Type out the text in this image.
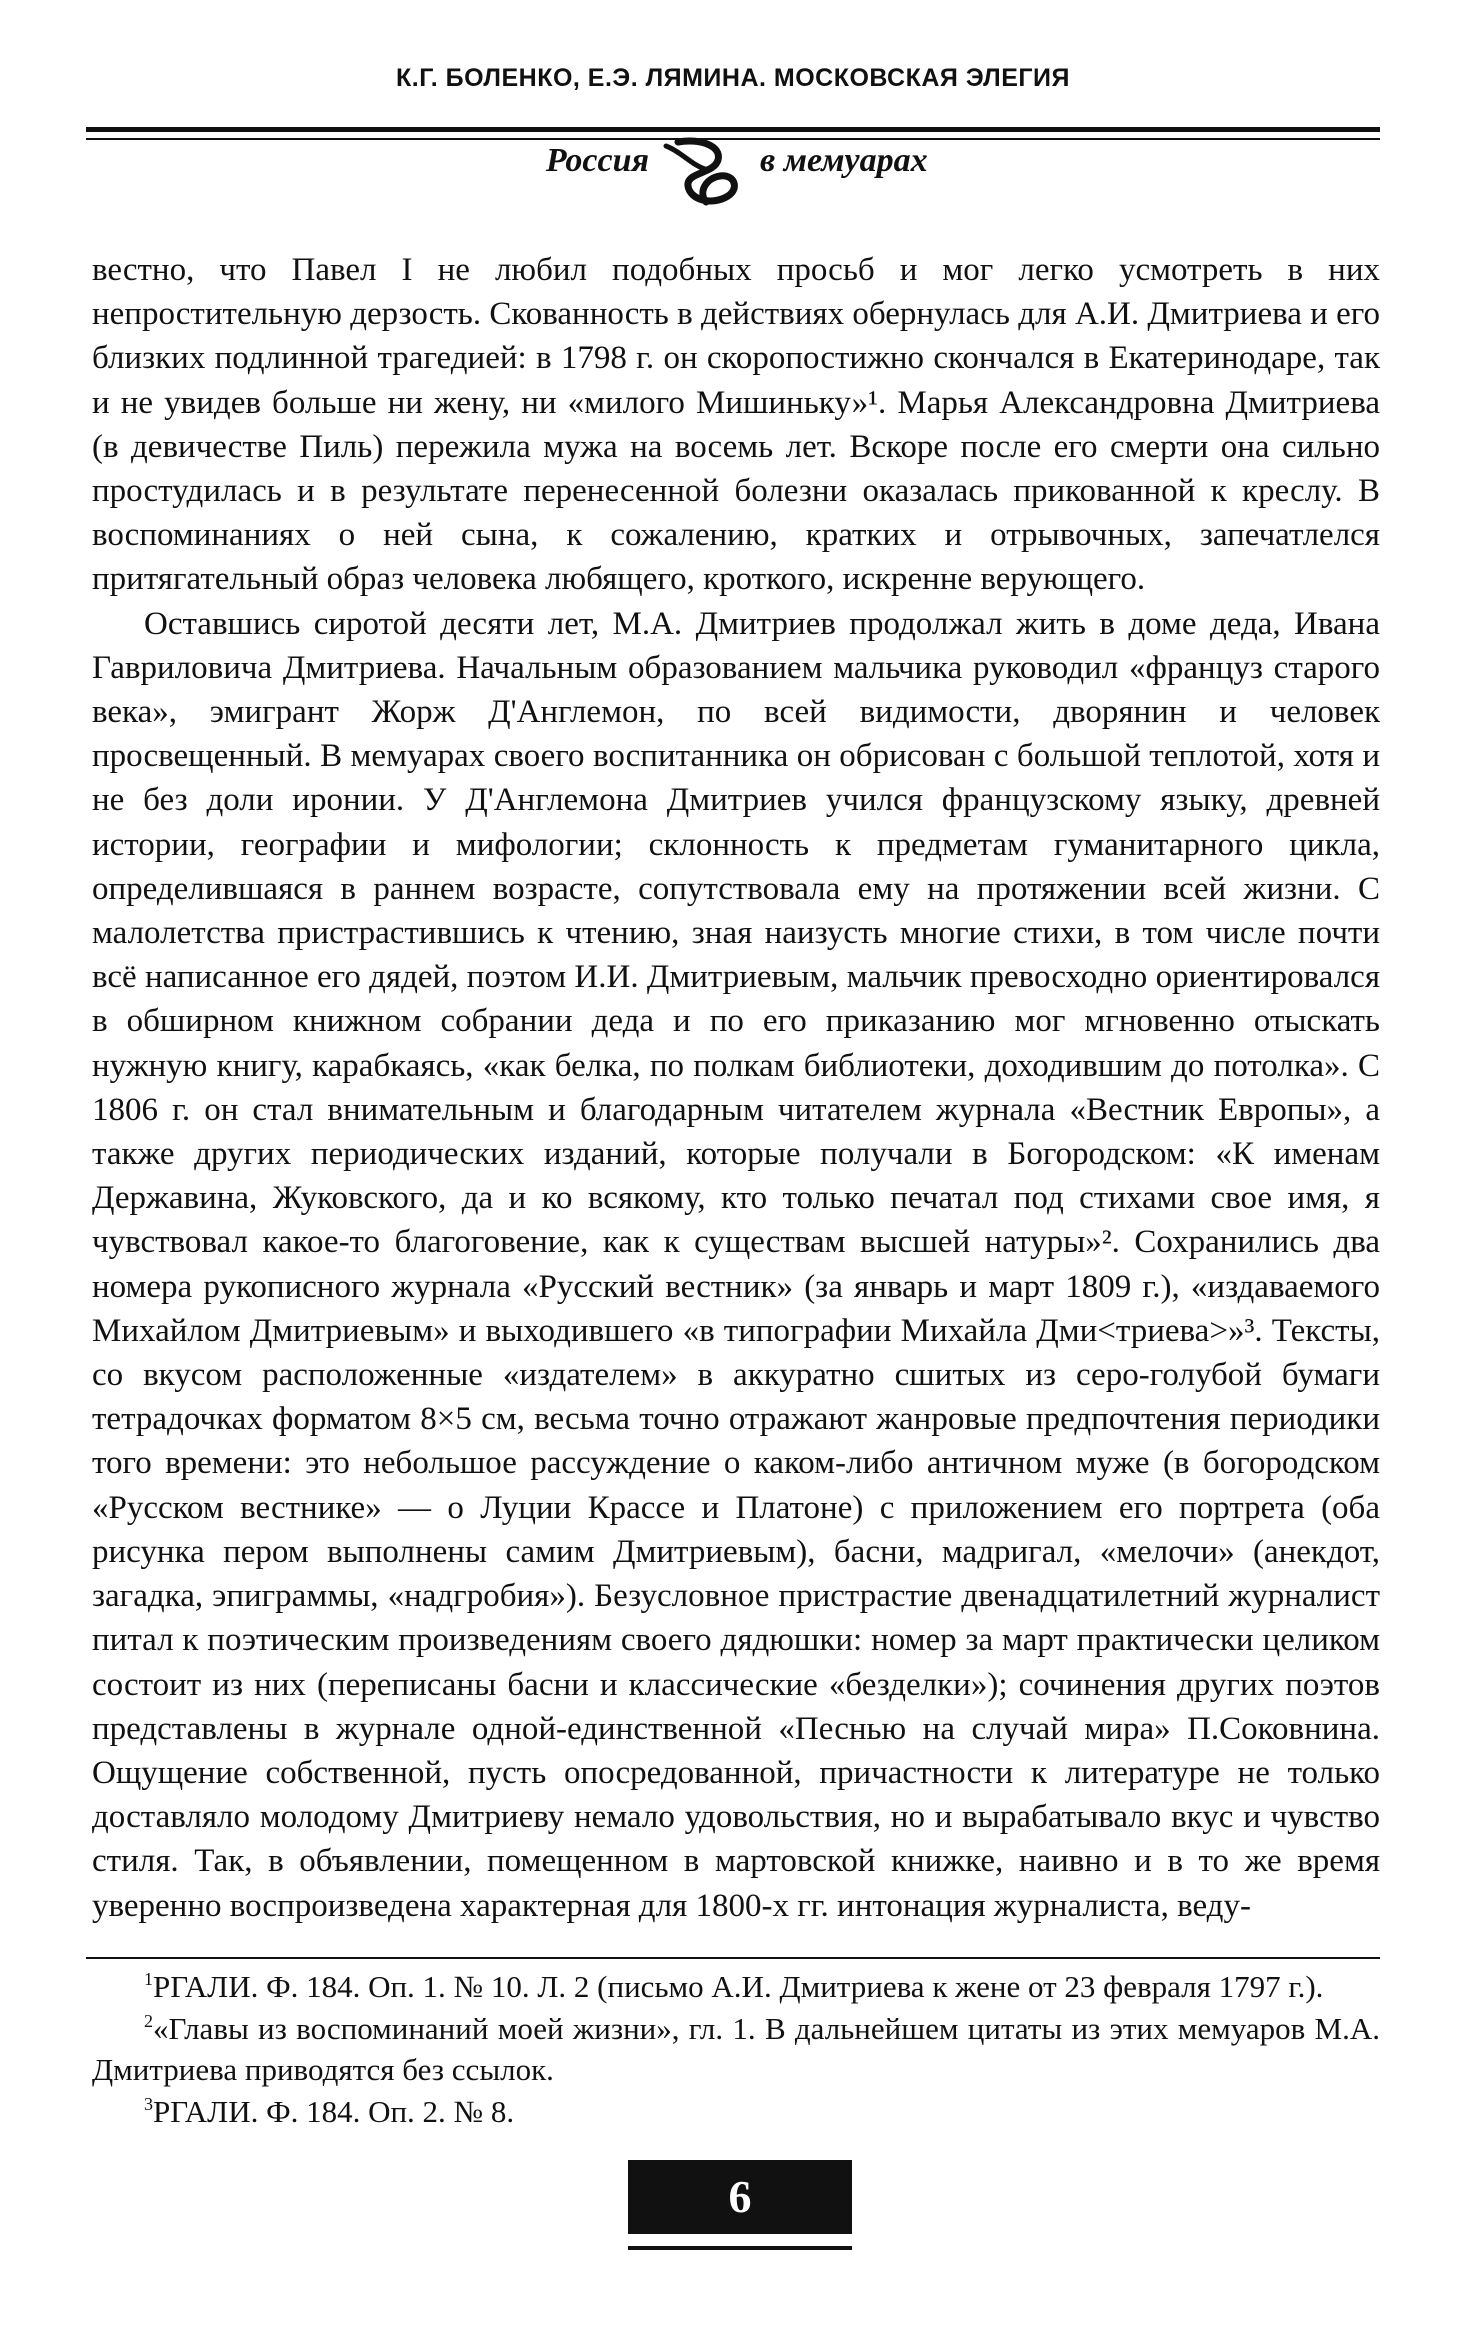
К.Г. БОЛЕНКО, Е.Э. ЛЯМИНА. МОСКОВСКАЯ ЭЛЕГИЯ
Россия	в мемуарах

вестно, что Павел I не любил подобных просьб и мог легко усмотреть в них непростительную дерзость. Скованность в действиях обернулась для А.И. Дмитриева и его близких подлинной трагедией: в 1798 г. он скоропостижно скончался в Екатеринодаре, так и не увидев больше ни жену, ни «милого Мишиньку»¹. Марья Александровна Дмитриева (в девичестве Пиль) пережила мужа на восемь лет. Вскоре после его смерти она сильно простудилась и в результате перенесенной болезни оказалась прикованной к креслу. В воспоминаниях о ней сына, к сожалению, кратких и отрывочных, запечатлелся притягательный образ человека любящего, кроткого, искренне верующего.

Оставшись сиротой десяти лет, М.А. Дмитриев продолжал жить в доме деда, Ивана Гавриловича Дмитриева. Начальным образованием мальчика руководил «француз старого века», эмигрант Жорж Д'Англемон, по всей видимости, дворянин и человек просвещенный. В мемуарах своего воспитанника он обрисован с большой теплотой, хотя и не без доли иронии. У Д'Англемона Дмитриев учился французскому языку, древней истории, географии и мифологии; склонность к предметам гуманитарного цикла, определившаяся в раннем возрасте, сопутствовала ему на протяжении всей жизни. С малолетства пристрастившись к чтению, зная наизусть многие стихи, в том числе почти всё написанное его дядей, поэтом И.И. Дмитриевым, мальчик превосходно ориентировался в обширном книжном собрании деда и по его приказанию мог мгновенно отыскать нужную книгу, карабкаясь, «как белка, по полкам библиотеки, доходившим до потолка». С 1806 г. он стал внимательным и благодарным читателем журнала «Вестник Европы», а также других периодических изданий, которые получали в Богородском: «К именам Державина, Жуковского, да и ко всякому, кто только печатал под стихами свое имя, я чувствовал какое-то благоговение, как к существам высшей натуры»². Сохранились два номера рукописного журнала «Русский вестник» (за январь и март 1809 г.), «издаваемого Михайлом Дмитриевым» и выходившего «в типографии Михайла Дми<триева>»³. Тексты, со вкусом расположенные «издателем» в аккуратно сшитых из серо-голубой бумаги тетрадочках форматом 8×5 см, весьма точно отражают жанровые предпочтения периодики того времени: это небольшое рассуждение о каком-либо античном муже (в богородском «Русском вестнике» — о Луции Крассе и Платоне) с приложением его портрета (оба рисунка пером выполнены самим Дмитриевым), басни, мадригал, «мелочи» (анекдот, загадка, эпиграммы, «надгробия»). Безусловное пристрастие двенадцатилетний журналист питал к поэтическим произведениям своего дядюшки: номер за март практически целиком состоит из них (переписаны басни и классические «безделки»); сочинения других поэтов представлены в журнале одной-единственной «Песнью на случай мира» П.Соковнина. Ощущение собственной, пусть опосредованной, причастности к литературе не только доставляло молодому Дмитриеву немало удовольствия, но и вырабатывало вкус и чувство стиля. Так, в объявлении, помещенном в мартовской книжке, наивно и в то же время уверенно воспроизведена характерная для 1800-х гг. интонация журналиста, веду-

$^1$РГАЛИ. Ф. 184. Оп. 1. № 10. Л. 2 (письмо А.И. Дмитриева к жене от 23 февраля 1797 г.).

$^2$«Главы из воспоминаний моей жизни», гл. 1. В дальнейшем цитаты из этих мемуаров М.А. Дмитриева приводятся без ссылок.

$^3$РГАЛИ. Ф. 184. Оп. 2. № 8.

6
